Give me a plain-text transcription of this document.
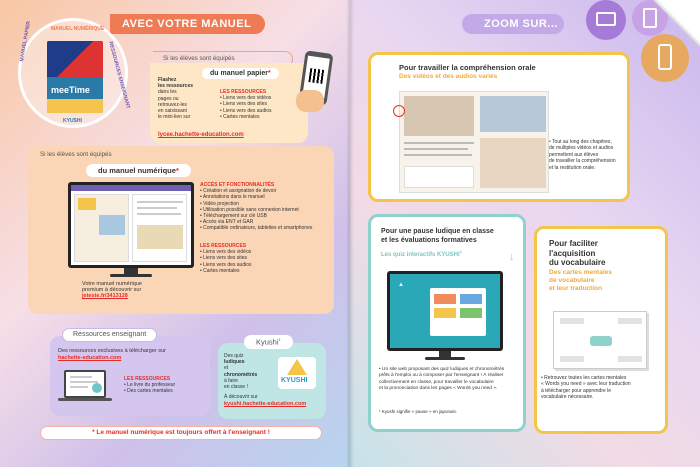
AVEC VOTRE MANUEL
meeTime
MANUEL NUMÉRIQUE
MANUEL PAPIER	RESSOURCES ENSEIGNANT
KYUSHI
Si les élèves sont équipés
du manuel papier*
Flashez
les ressources
dans les
pages ou
retrouvez-les
en saisissant
le mini-lien sur
LES RESSOURCES
• Liens vers des vidéos
• Liens vers des sites
• Liens vers des audios
• Cartes mentales
lycee.hachette-education.com
Si les élèves sont équipés
du manuel numérique*
Votre manuel numérique
premium à découvrir sur
jeteste.fr/3413128
ACCÈS ET FONCTIONNALITÉS
• Création et assignation de devoir
• Annotations dans le manuel
• Vidéo projection
• Utilisation possible sans connexion internet
• Téléchargement sur clé USB
• Accès via ENT et GAR
• Compatible ordinateurs, tablettes et smartphones
LES RESSOURCES
• Liens vers des vidéos
• Liens vers des sites
• Liens vers des audios
• Cartes mentales
Ressources enseignant
Des ressources exclusives à télécharger sur
hachette-education.com
LES RESSOURCES
• Le livre du professeur
• Des cartes mentales
Kyushi$^1$
Des quiz
ludiques
et
chronométrés
à faire
en classe !
KYUSHI
À découvrir sur
kyushi.hachette-education.com
* Le manuel numérique est toujours offert à l'enseignant !
ZOOM SUR...
Pour travailler la compréhension orale
Des vidéos et des audios variés
• Tout au long des chapitres,
de multiples vidéos et audios
permettent aux élèves
de travailler la compréhension
et la restitution orale.
Pour une pause ludique en classe
et les évaluations formatives
Les quiz interactifs KYUSHI$^1$	↓
▲
• Un site web proposant des quiz ludiques et chronométrés
prêts à l'emploi ou à composer par l'enseignant ! À réaliser
collectivement en classe, pour travailler le vocabulaire
et la prononciation dans les pages « Words you need ».
¹ Kyushi signifie « pause » en japonais.
Pour faciliter
l'acquisition
du vocabulaire
Des cartes mentales
de vocabulaire
et leur traduction
• Retrouvez toutes les cartes mentales
« Words you need » avec leur traduction
à télécharger pour apprendre le
vocabulaire nécessaire.
